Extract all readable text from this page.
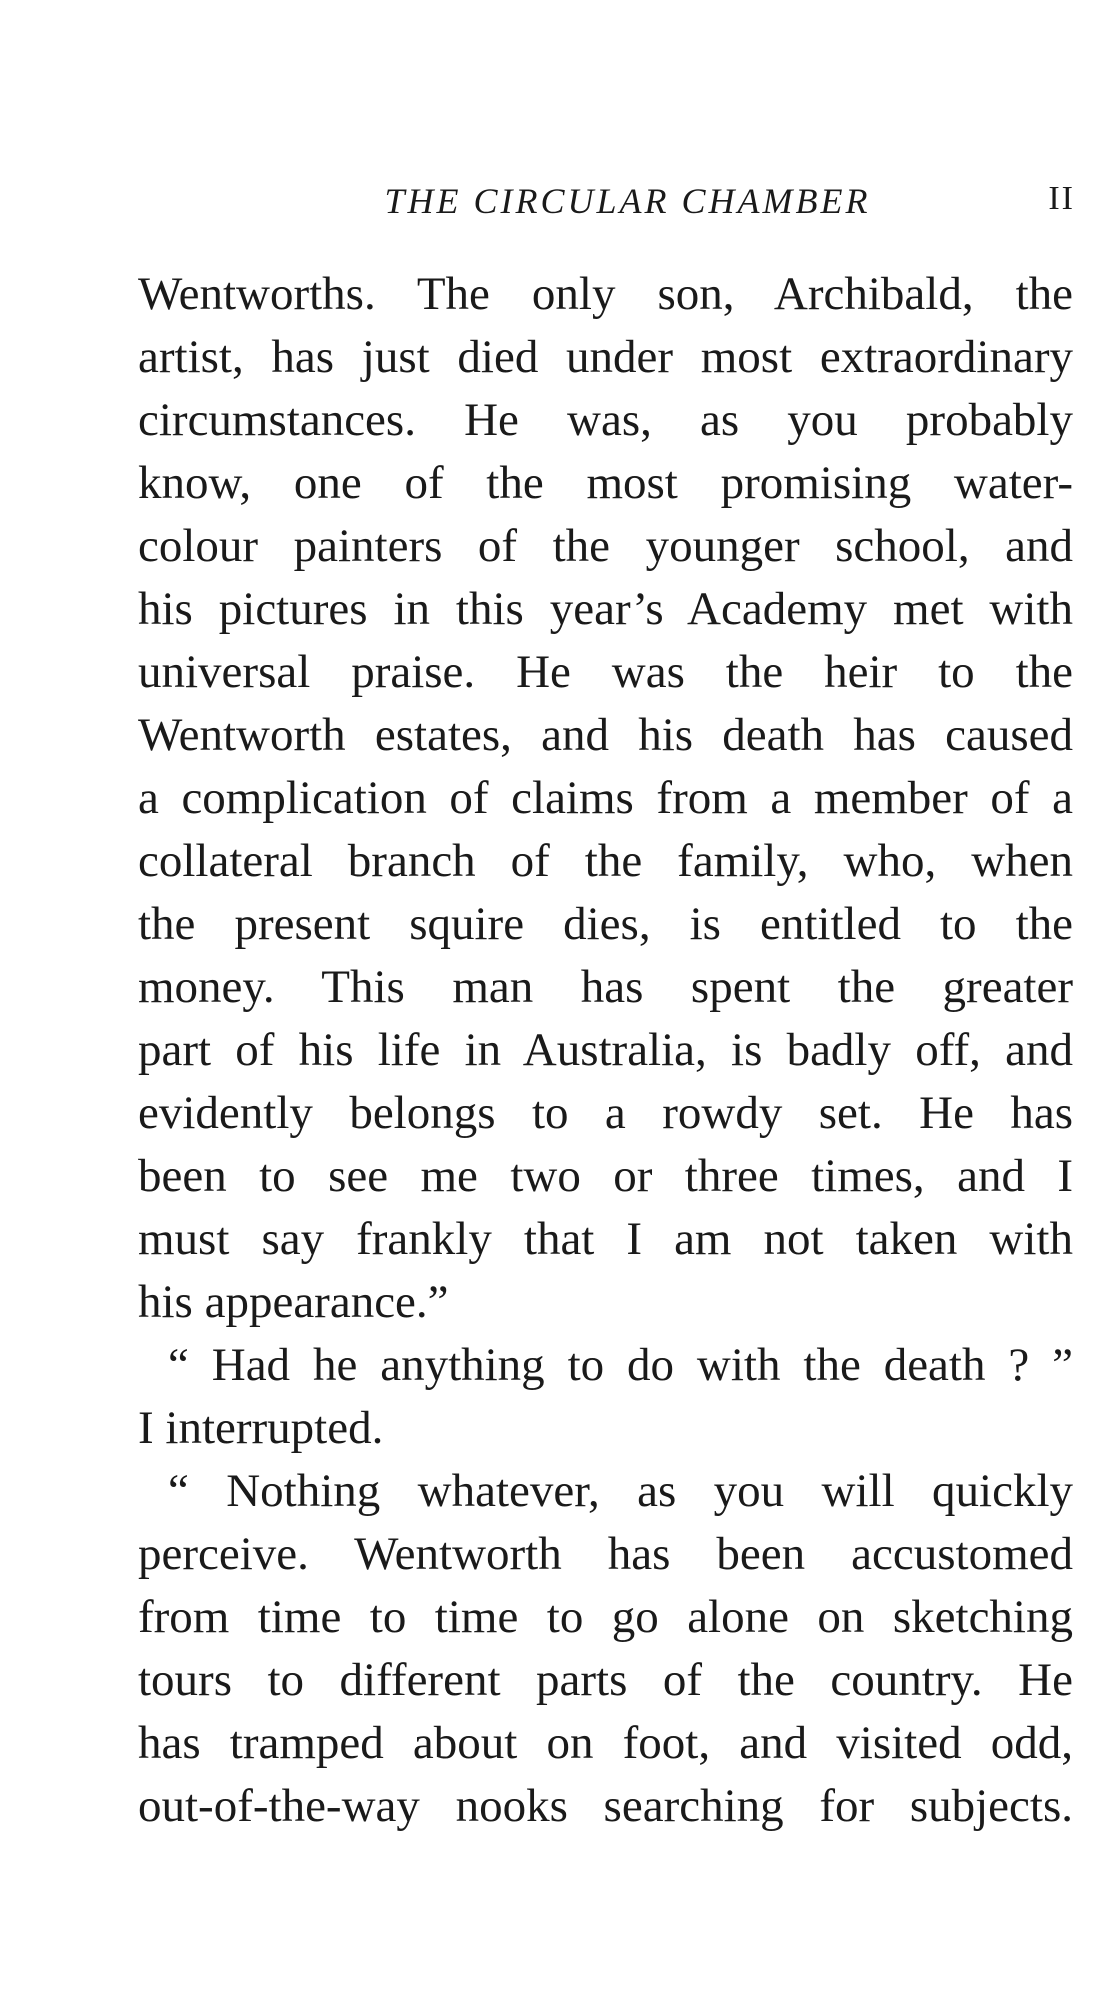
THE CIRCULAR CHAMBER	II
Wentworths. The only son, Archibald, the
artist, has just died under most extraordinary
circumstances. He was, as you probably
know, one of the most promising water-
colour painters of the younger school, and
his pictures in this year’s Academy met with
universal praise. He was the heir to the
Wentworth estates, and his death has caused
a complication of claims from a member of a
collateral branch of the family, who, when
the present squire dies, is entitled to the
money. This man has spent the greater
part of his life in Australia, is badly off, and
evidently belongs to a rowdy set. He has
been to see me two or three times, and I
must say frankly that I am not taken with
his appearance.”
“ Had he anything to do with the death ? ”
I interrupted.
“ Nothing whatever, as you will quickly
perceive. Wentworth has been accustomed
from time to time to go alone on sketching
tours to different parts of the country. He
has tramped about on foot, and visited odd,
out-of-the-way nooks searching for subjects.
